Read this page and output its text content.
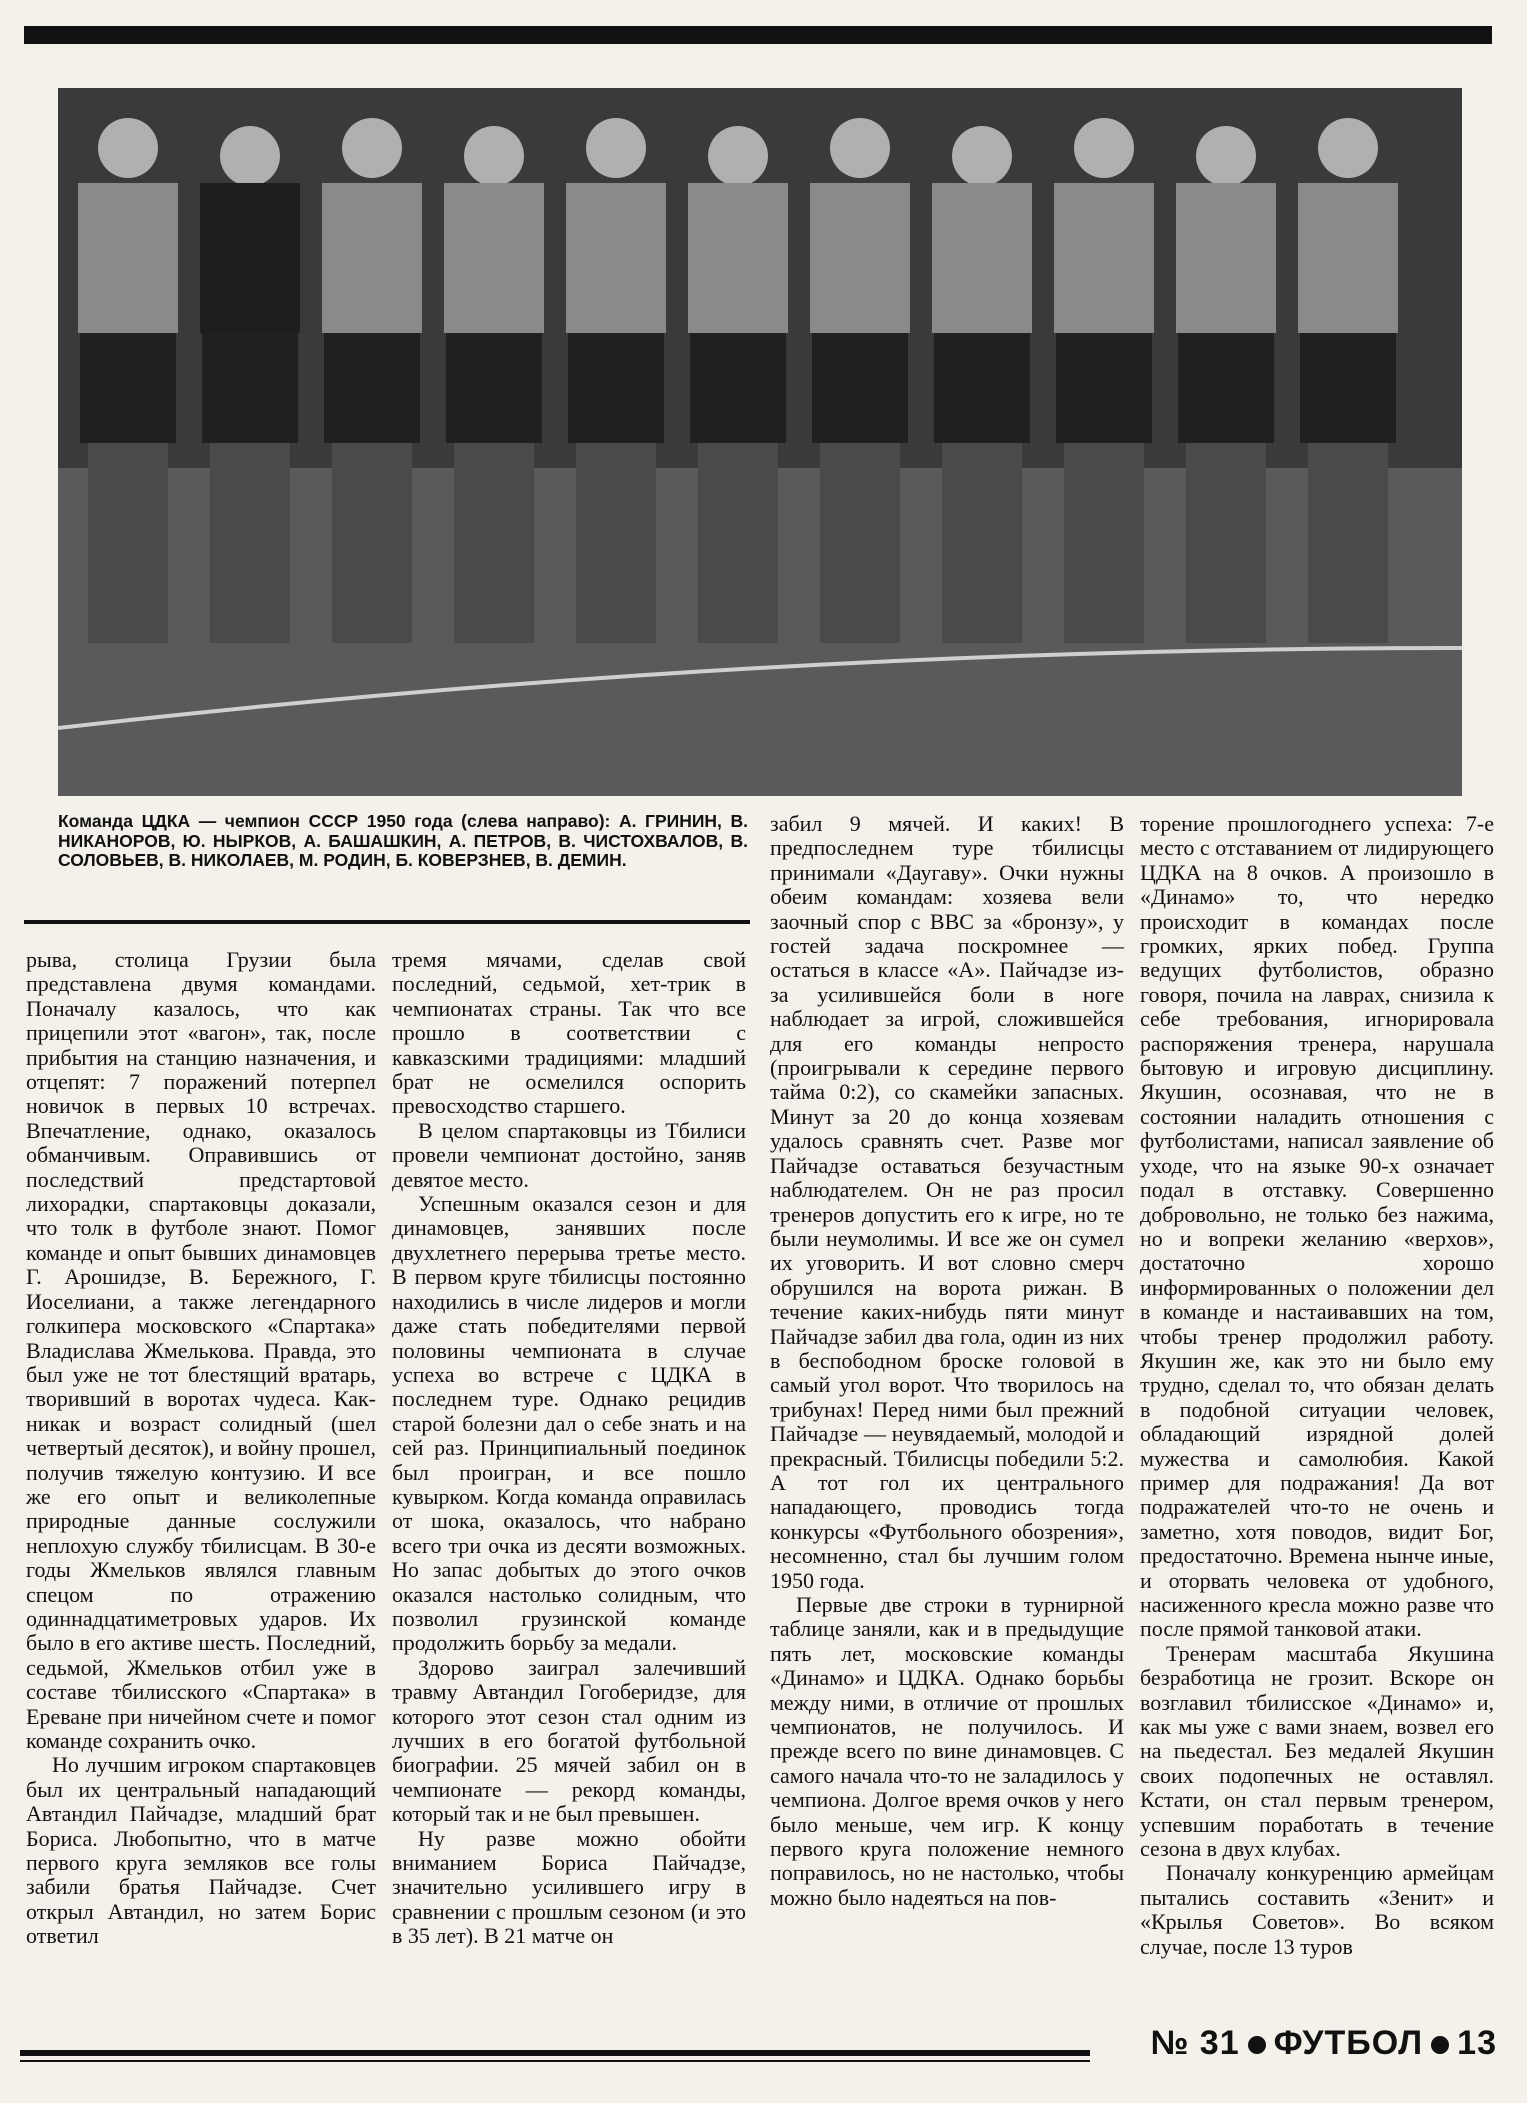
Команда ЦДКА — чемпион СССР 1950 года (слева направо): А. ГРИНИН, В. НИКАНОРОВ, Ю. НЫРКОВ, А. БАШАШКИН, А. ПЕТРОВ, В. ЧИСТОХВАЛОВ, В. СОЛОВЬЕВ, В. НИКОЛАЕВ, М. РОДИН, Б. КОВЕРЗНЕВ, В. ДЕМИН.

рыва, столица Грузии была представлена двумя командами. Поначалу казалось, что как прицепили этот «вагон», так, после прибытия на станцию назначения, и отцепят: 7 поражений потерпел новичок в первых 10 встречах. Впечатление, однако, оказалось обманчивым. Оправившись от последствий предстартовой лихорадки, спартаковцы доказали, что толк в футболе знают. Помог команде и опыт бывших динамовцев Г. Арошидзе, В. Бережного, Г. Иоселиани, а также легендарного голкипера московского «Спартака» Владислава Жмелькова. Правда, это был уже не тот блестящий вратарь, творивший в воротах чудеса. Как-никак и возраст солидный (шел четвертый десяток), и войну прошел, получив тяжелую контузию. И все же его опыт и великолепные природные данные сослужили неплохую службу тбилисцам. В 30-е годы Жмельков являлся главным спецом по отражению одиннадцатиметровых ударов. Их было в его активе шесть. Последний, седьмой, Жмельков отбил уже в составе тбилисского «Спартака» в Ереване при ничейном счете и помог команде сохранить очко.

Но лучшим игроком спартаковцев был их центральный нападающий Автандил Пайчадзе, младший брат Бориса. Любопытно, что в матче первого круга земляков все голы забили братья Пайчадзе. Счет открыл Автандил, но затем Борис ответил

тремя мячами, сделав свой последний, седьмой, хет-трик в чемпионатах страны. Так что все прошло в соответствии с кавказскими традициями: младший брат не осмелился оспорить превосходство старшего.

В целом спартаковцы из Тбилиси провели чемпионат достойно, заняв девятое место.

Успешным оказался сезон и для динамовцев, занявших после двухлетнего перерыва третье место. В первом круге тбилисцы постоянно находились в числе лидеров и могли даже стать победителями первой половины чемпионата в случае успеха во встрече с ЦДКА в последнем туре. Однако рецидив старой болезни дал о себе знать и на сей раз. Принципиальный поединок был проигран, и все пошло кувырком. Когда команда оправилась от шока, оказалось, что набрано всего три очка из десяти возможных. Но запас добытых до этого очков оказался настолько солидным, что позволил грузинской команде продолжить борьбу за медали.

Здорово заиграл залечивший травму Автандил Гогоберидзе, для которого этот сезон стал одним из лучших в его богатой футбольной биографии. 25 мячей забил он в чемпионате — рекорд команды, который так и не был превышен.

Ну разве можно обойти вниманием Бориса Пайчадзе, значительно усилившего игру в сравнении с прошлым сезоном (и это в 35 лет). В 21 матче он

забил 9 мячей. И каких! В предпоследнем туре тбилисцы принимали «Даугаву». Очки нужны обеим командам: хозяева вели заочный спор с ВВС за «бронзу», у гостей задача поскромнее — остаться в классе «А». Пайчадзе из-за усилившейся боли в ноге наблюдает за игрой, сложившейся для его команды непросто (проигрывали к середине первого тайма 0:2), со скамейки запасных. Минут за 20 до конца хозяевам удалось сравнять счет. Разве мог Пайчадзе оставаться безучастным наблюдателем. Он не раз просил тренеров допустить его к игре, но те были неумолимы. И все же он сумел их уговорить. И вот словно смерч обрушился на ворота рижан. В течение каких-нибудь пяти минут Пайчадзе забил два гола, один из них в беспободном броске головой в самый угол ворот. Что творилось на трибунах! Перед ними был прежний Пайчадзе — неувядаемый, молодой и прекрасный. Тбилисцы победили 5:2. А тот гол их центрального нападающего, проводись тогда конкурсы «Футбольного обозрения», несомненно, стал бы лучшим голом 1950 года.

Первые две строки в турнирной таблице заняли, как и в предыдущие пять лет, московские команды «Динамо» и ЦДКА. Однако борьбы между ними, в отличие от прошлых чемпионатов, не получилось. И прежде всего по вине динамовцев. С самого начала что-то не заладилось у чемпиона. Долгое время очков у него было меньше, чем игр. К концу первого круга положение немного поправилось, но не настолько, чтобы можно было надеяться на пов-

торение прошлогоднего успеха: 7-е место с отставанием от лидирующего ЦДКА на 8 очков. А произошло в «Динамо» то, что нередко происходит в командах после громких, ярких побед. Группа ведущих футболистов, образно говоря, почила на лаврах, снизила к себе требования, игнорировала распоряжения тренера, нарушала бытовую и игровую дисциплину. Якушин, осознавая, что не в состоянии наладить отношения с футболистами, написал заявление об уходе, что на языке 90-х означает подал в отставку. Совершенно добровольно, не только без нажима, но и вопреки желанию «верхов», достаточно хорошо информированных о положении дел в команде и настаивавших на том, чтобы тренер продолжил работу. Якушин же, как это ни было ему трудно, сделал то, что обязан делать в подобной ситуации человек, обладающий изрядной долей мужества и самолюбия. Какой пример для подражания! Да вот подражателей что-то не очень и заметно, хотя поводов, видит Бог, предостаточно. Времена нынче иные, и оторвать человека от удобного, насиженного кресла можно разве что после прямой танковой атаки.

Тренерам масштаба Якушина безработица не грозит. Вскоре он возглавил тбилисское «Динамо» и, как мы уже с вами знаем, возвел его на пьедестал. Без медалей Якушин своих подопечных не оставлял. Кстати, он стал первым тренером, успевшим поработать в течение сезона в двух клубах.

Поначалу конкуренцию армейцам пытались составить «Зенит» и «Крылья Советов». Во всяком случае, после 13 туров

№ 31 ФУТБОЛ 13
